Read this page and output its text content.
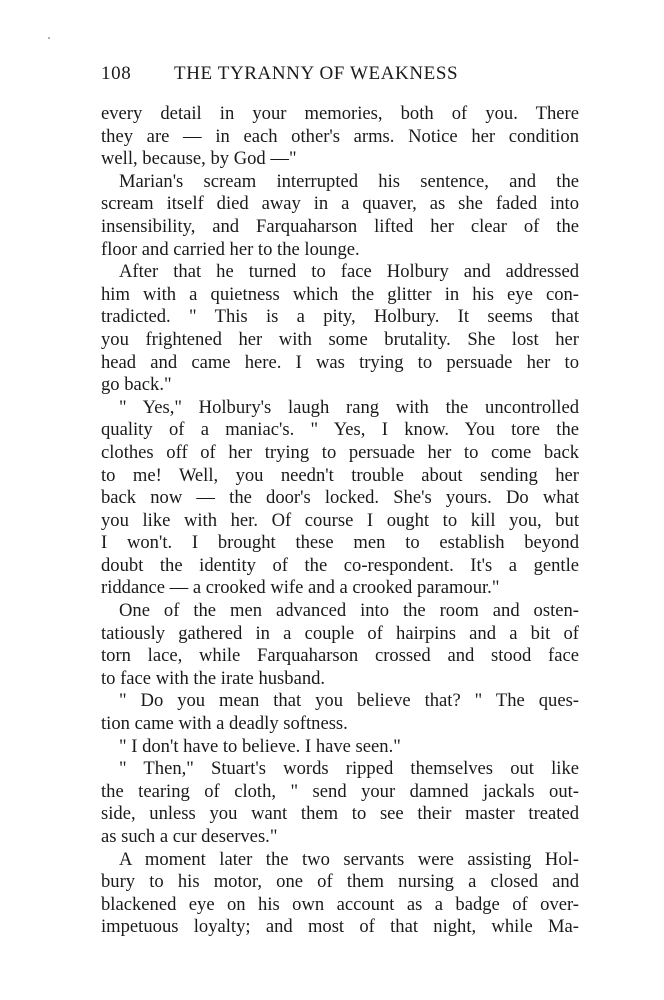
108 THE TYRANNY OF WEAKNESS
every detail in your memories, both of you. There
they are — in each other's arms. Notice her condition
well, because, by God —"
Marian's scream interrupted his sentence, and the
scream itself died away in a quaver, as she faded into
insensibility, and Farquaharson lifted her clear of the
floor and carried her to the lounge.
After that he turned to face Holbury and addressed
him with a quietness which the glitter in his eye con-
tradicted. " This is a pity, Holbury. It seems that
you frightened her with some brutality. She lost her
head and came here. I was trying to persuade her to
go back."
" Yes," Holbury's laugh rang with the uncontrolled
quality of a maniac's. " Yes, I know. You tore the
clothes off of her trying to persuade her to come back
to me! Well, you needn't trouble about sending her
back now — the door's locked. She's yours. Do what
you like with her. Of course I ought to kill you, but
I won't. I brought these men to establish beyond
doubt the identity of the co-respondent. It's a gentle
riddance — a crooked wife and a crooked paramour."
One of the men advanced into the room and osten-
tatiously gathered in a couple of hairpins and a bit of
torn lace, while Farquaharson crossed and stood face
to face with the irate husband.
" Do you mean that you believe that? " The ques-
tion came with a deadly softness.
" I don't have to believe. I have seen."
" Then," Stuart's words ripped themselves out like
the tearing of cloth, " send your damned jackals out-
side, unless you want them to see their master treated
as such a cur deserves."
A moment later the two servants were assisting Hol-
bury to his motor, one of them nursing a closed and
blackened eye on his own account as a badge of over-
impetuous loyalty; and most of that night, while Ma-
